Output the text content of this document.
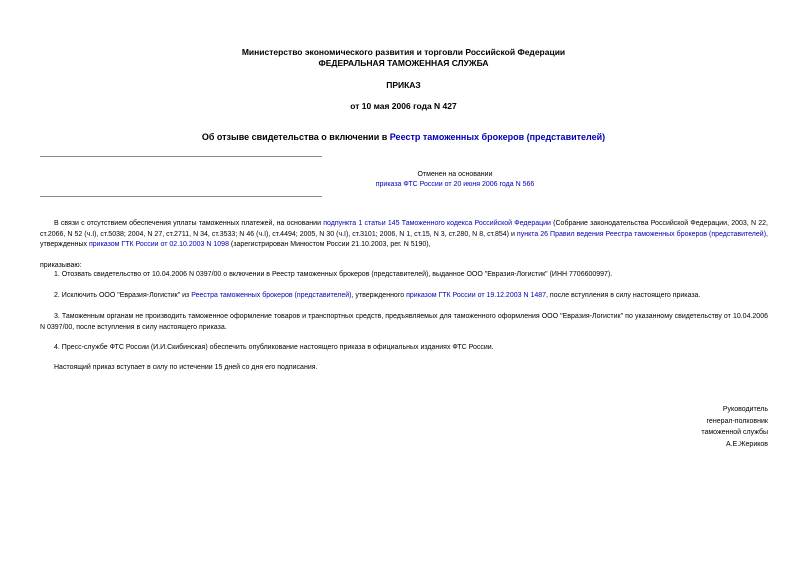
Министерство экономического развития и торговли Российской Федерации
ФЕДЕРАЛЬНАЯ ТАМОЖЕННАЯ СЛУЖБА
ПРИКАЗ
от 10 мая 2006 года N 427
Об отзыве свидетельства о включении в Реестр таможенных брокеров (представителей)
Отменен на основании
приказа ФТС России от 20 июня 2006 года N 566
В связи с отсутствием обеспечения уплаты таможенных платежей, на основании подпункта 1 статьи 145 Таможенного кодекса Российской Федерации (Собрание законодательства Российской Федерации, 2003, N 22, ст.2066, N 52 (ч.I), ст.5038; 2004, N 27, ст.2711, N 34, ст.3533; N 46 (ч.I), ст.4494; 2005, N 30 (ч.I), ст.3101; 2006, N 1, ст.15, N 3, ст.280, N 8, ст.854) и пункта 26 Правил ведения Реестра таможенных брокеров (представителей), утвержденных приказом ГТК России от 02.10.2003 N 1098 (зарегистрирован Минюстом России 21.10.2003, рег. N 5190),
приказываю:
1. Отозвать свидетельство от 10.04.2006 N 0397/00 о включении в Реестр таможенных брокеров (представителей), выданное ООО "Евразия-Логистик" (ИНН 7706600997).
2. Исключить ООО "Евразия-Логистик" из Реестра таможенных брокеров (представителей), утвержденного приказом ГТК России от 19.12.2003 N 1487, после вступления в силу настоящего приказа.
3. Таможенным органам не производить таможенное оформление товаров и транспортных средств, предъявляемых для таможенного оформления ООО "Евразия-Логистик" по указанному свидетельству от 10.04.2006 N 0397/00, после вступления в силу настоящего приказа.
4. Пресс-службе ФТС России (И.И.Скибинская) обеспечить опубликование настоящего приказа в официальных изданиях ФТС России.
Настоящий приказ вступает в силу по истечении 15 дней со дня его подписания.
Руководитель
генерал-полковник
таможенной службы
А.Е.Жериков
